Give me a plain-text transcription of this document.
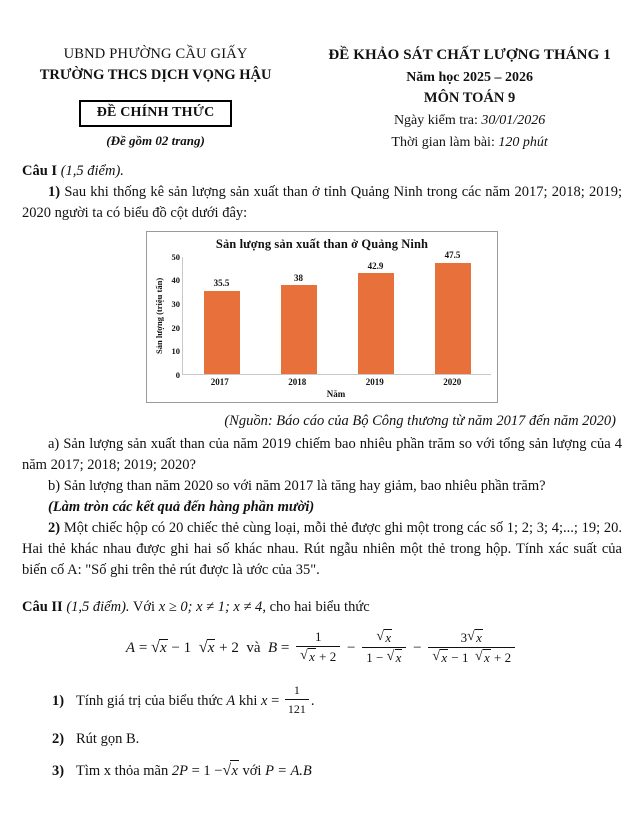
UBND PHƯỜNG CẦU GIẤY
TRƯỜNG THCS DỊCH VỌNG HẬU
ĐỀ CHÍNH THỨC
(Đề gồm 02 trang)
ĐỀ KHẢO SÁT CHẤT LƯỢNG THÁNG 1
Năm học 2025 – 2026
MÔN TOÁN 9
Ngày kiểm tra: 30/01/2026
Thời gian làm bài: 120 phút

Câu I (1,5 điểm).

1) Sau khi thống kê sản lượng sản xuất than ở tỉnh Quảng Ninh trong các năm 2017; 2018; 2019; 2020 người ta có biểu đồ cột dưới đây:

Sản lượng sản xuất than ở Quảng Ninh
Sản lượng (triệu tấn)
50
40
30
20
10
0
35.5
38
42.9
47.5
2017	2018	2019	2020
Năm

(Nguồn: Báo cáo của Bộ Công thương từ năm 2017 đến năm 2020)

a) Sản lượng sản xuất than của năm 2019 chiếm bao nhiêu phần trăm so với tổng sản lượng của 4 năm 2017; 2018; 2019; 2020?

b) Sản lượng than năm 2020 so với năm 2017 là tăng hay giảm, bao nhiêu phần trăm?

(Làm tròn các kết quả đến hàng phần mười)

2) Một chiếc hộp có 20 chiếc thẻ cùng loại, mỗi thẻ được ghi một trong các số 1; 2; 3; 4;...; 19; 20. Hai thẻ khác nhau được ghi hai số khác nhau. Rút ngẫu nhiên một thẻ trong hộp. Tính xác suất của biến cố A: "Số ghi trên thẻ rút được là ước của 35".

Câu II (1,5 điểm). Với x ≥ 0; x ≠ 1; x ≠ 4, cho hai biểu thức

A = √ x − 1  √ x + 2  và B = 1
√ x + 2 − √ $\frac{x}{1 - √ x} - 3$ √ x
√ x − 1  √ x + 2
1) Tính giá trị của biểu thức A khi $x = \frac{1}{121}$ .
2) Rút gọn B.
3) Tìm x thỏa mãn 2P = 1 − √ x với P = A.B
